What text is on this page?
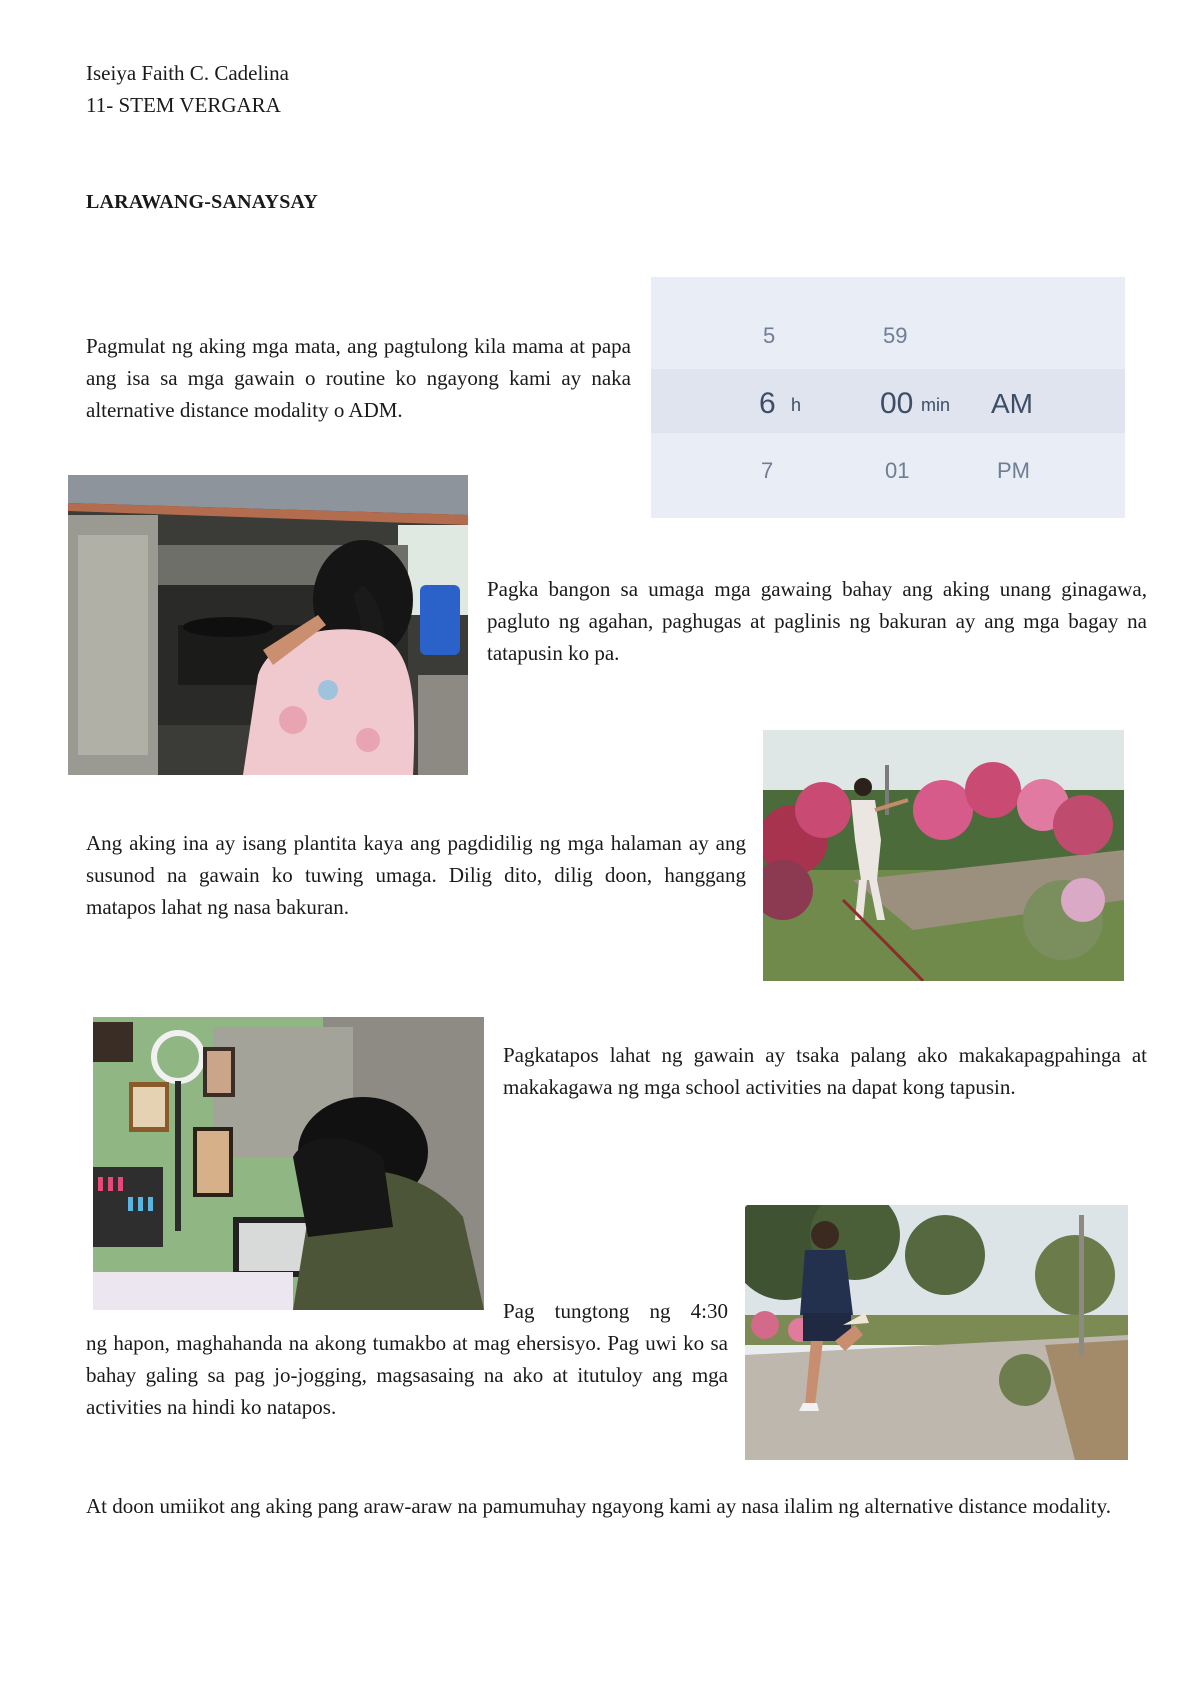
Iseiya Faith C. Cadelina
11- STEM VERGARA
LARAWANG-SANAYSAY

Pagmulat ng aking mga mata, ang pagtulong kila mama at papa ang isa sa mga gawain o routine ko ngayong kami ay naka alternative distance modality o ADM.

5	59
6 h	00 min AM
7	01	PM

Pagka bangon sa umaga mga gawaing bahay ang aking unang ginagawa, pagluto ng agahan, paghugas at paglinis ng bakuran ay ang mga bagay na tatapusin ko pa.

Ang aking ina ay isang plantita kaya ang pagdidilig ng mga halaman ay ang susunod na gawain ko tuwing umaga. Dilig dito, dilig doon, hanggang matapos lahat ng nasa bakuran.

Pagkatapos lahat ng gawain ay tsaka palang ako makakapagpahinga at makakagawa ng mga school activities na dapat kong tapusin.

Pag tungtong ng 4:30

ng hapon, maghahanda na akong tumakbo at mag ehersisyo. Pag uwi ko sa bahay galing sa pag jo-jogging, magsasaing na ako at itutuloy ang mga activities na hindi ko natapos.

At doon umiikot ang aking pang araw-araw na pamumuhay ngayong kami ay nasa ilalim ng alternative distance modality.
